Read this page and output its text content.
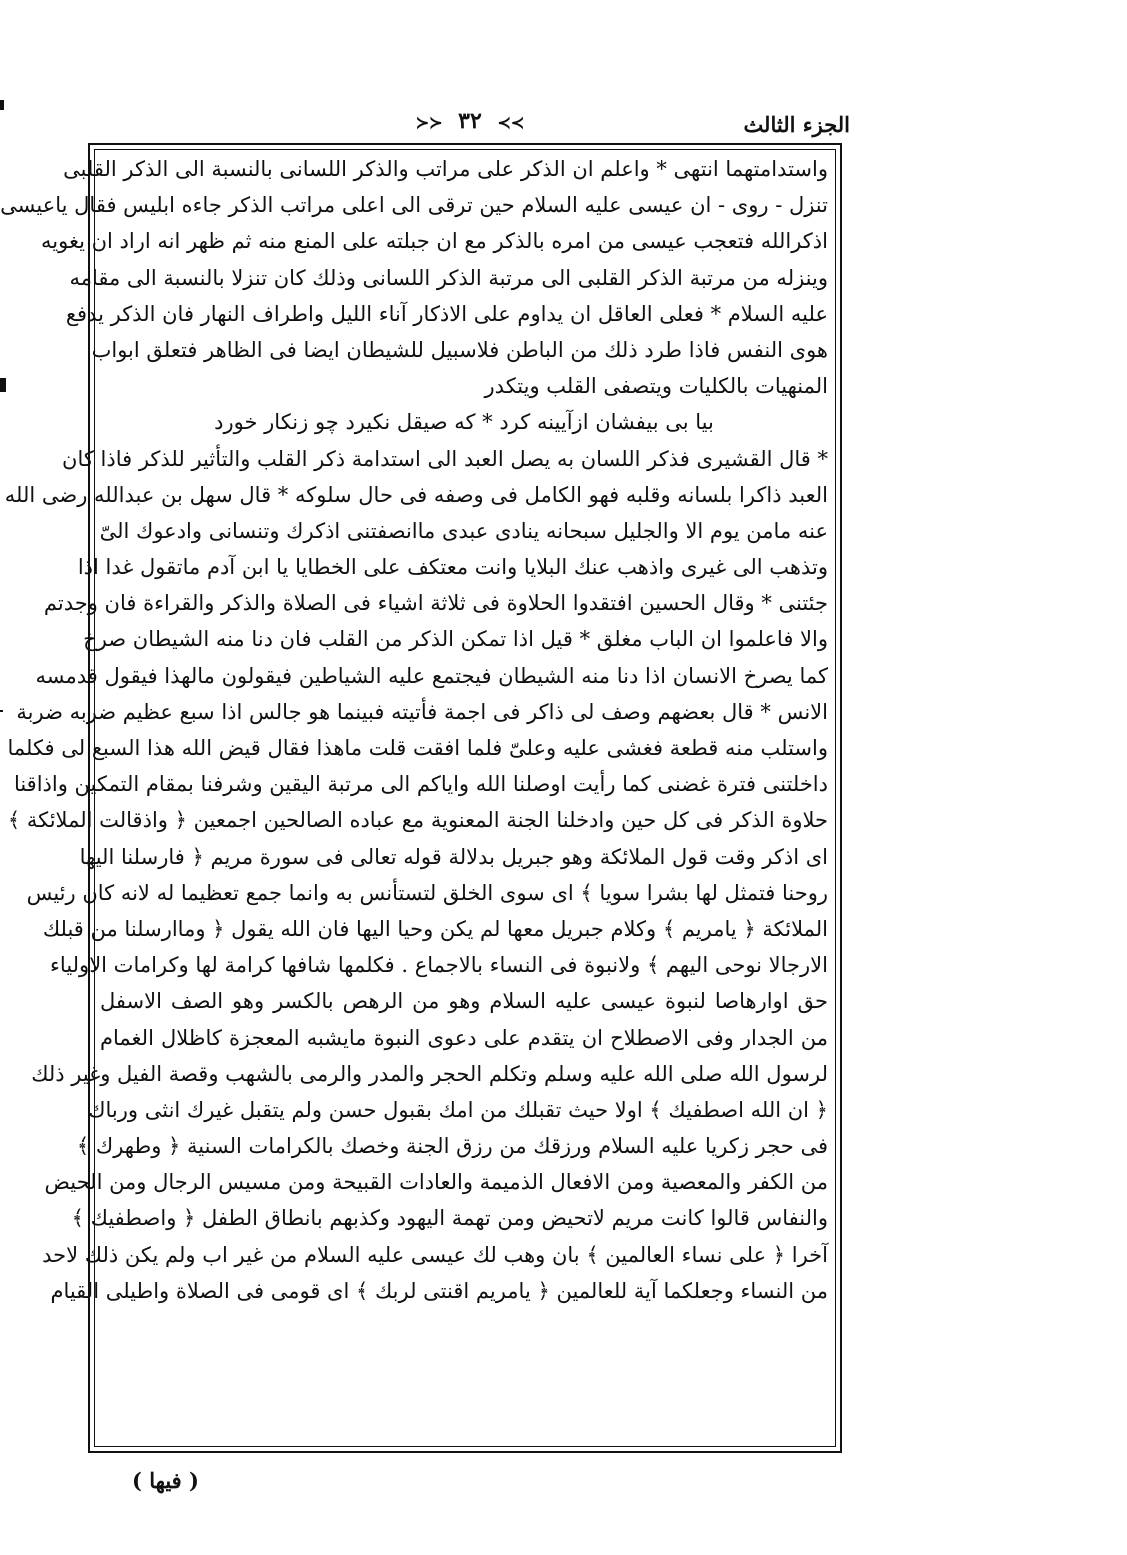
الجزء الثالث
≻≻ ٣٢ ≺≺
واستدامتهما انتهى * واعلم ان الذكر على مراتب والذكر اللسانى بالنسبة الى الذكر القلبى
تنزل - روى - ان عيسى عليه السلام حين ترقى الى اعلى مراتب الذكر جاءه ابليس فقال ياعيسى
اذكرالله فتعجب عيسى من امره بالذكر مع ان جبلته على المنع منه ثم ظهر انه اراد ان يغويه
وينزله من مرتبة الذكر القلبى الى مرتبة الذكر اللسانى وذلك كان تنزلا بالنسبة الى مقامه
عليه السلام * فعلى العاقل ان يداوم على الاذكار آناء الليل واطراف النهار فان الذكر يدفع
هوى النفس فاذا طرد ذلك من الباطن فلاسبيل للشيطان ايضا فى الظاهر فتعلق ابواب
المنهيات بالكليات ويتصفى القلب ويتكدر
بيا بى بيفشان ازآيينه كرد * كه صيقل نكيرد چو زنكار خورد
* قال القشيرى فذكر اللسان به يصل العبد الى استدامة ذكر القلب والتأثير للذكر فاذا كان
العبد ذاكرا بلسانه وقلبه فهو الكامل فى وصفه فى حال سلوكه * قال سهل بن عبدالله رضى الله
عنه مامن يوم الا والجليل سبحانه ينادى عبدى ماانصفتنى اذكرك وتنسانى وادعوك الىّ
وتذهب الى غيرى واذهب عنك البلايا وانت معتكف على الخطايا يا ابن آدم ماتقول غدا اذا
جئتنى * وقال الحسين افتقدوا الحلاوة فى ثلاثة اشياء فى الصلاة والذكر والقراءة فان وجدتم
والا فاعلموا ان الباب مغلق * قيل اذا تمكن الذكر من القلب فان دنا منه الشيطان صرخ
كما يصرخ الانسان اذا دنا منه الشيطان فيجتمع عليه الشياطين فيقولون مالهذا فيقول قدمسه
الانس * قال بعضهم وصف لى ذاكر فى اجمة فأتيته فبينما هو جالس اذا سبع عظيم ضربه ضربة
واستلب منه قطعة فغشى عليه وعلىّ فلما افقت قلت ماهذا فقال قيض الله هذا السبع لى فكلما
داخلتنى فترة غضنى كما رأيت اوصلنا الله واياكم الى مرتبة اليقين وشرفنا بمقام التمكين واذاقنا
حلاوة الذكر فى كل حين وادخلنا الجنة المعنوية مع عباده الصالحين اجمعين ﴿ واذقالت الملائكة ﴾
اى اذكر وقت قول الملائكة وهو جبريل بدلالة قوله تعالى فى سورة مريم ﴿ فارسلنا اليها
روحنا فتمثل لها بشرا سويا ﴾ اى سوى الخلق لتستأنس به وانما جمع تعظيما له لانه كان رئيس
الملائكة ﴿ يامريم ﴾ وكلام جبريل معها لم يكن وحيا اليها فان الله يقول ﴿ وماارسلنا من قبلك
الارجالا نوحى اليهم ﴾ ولانبوة فى النساء بالاجماع . فكلمها شافها كرامة لها وكرامات الاولياء
حق اوارهاصا لنبوة عيسى عليه السلام وهو من الرهص بالكسر وهو الصف الاسفل
من الجدار وفى الاصطلاح ان يتقدم على دعوى النبوة مايشبه المعجزة كاظلال الغمام
لرسول الله صلى الله عليه وسلم وتكلم الحجر والمدر والرمى بالشهب وقصة الفيل وغير ذلك
﴿ ان الله اصطفيك ﴾ اولا حيث تقبلك من امك بقبول حسن ولم يتقبل غيرك انثى ورباك
فى حجر زكريا عليه السلام ورزقك من رزق الجنة وخصك بالكرامات السنية ﴿ وطهرك ﴾
من الكفر والمعصية ومن الافعال الذميمة والعادات القبيحة ومن مسيس الرجال ومن الحيض
والنفاس قالوا كانت مريم لاتحيض ومن تهمة اليهود وكذبهم بانطاق الطفل ﴿ واصطفيك ﴾
آخرا ﴿ على نساء العالمين ﴾ بان وهب لك عيسى عليه السلام من غير اب ولم يكن ذلك لاحد
من النساء وجعلكما آية للعالمين ﴿ يامريم اقنتى لربك ﴾ اى قومى فى الصلاة واطيلى القيام
( فيها )
